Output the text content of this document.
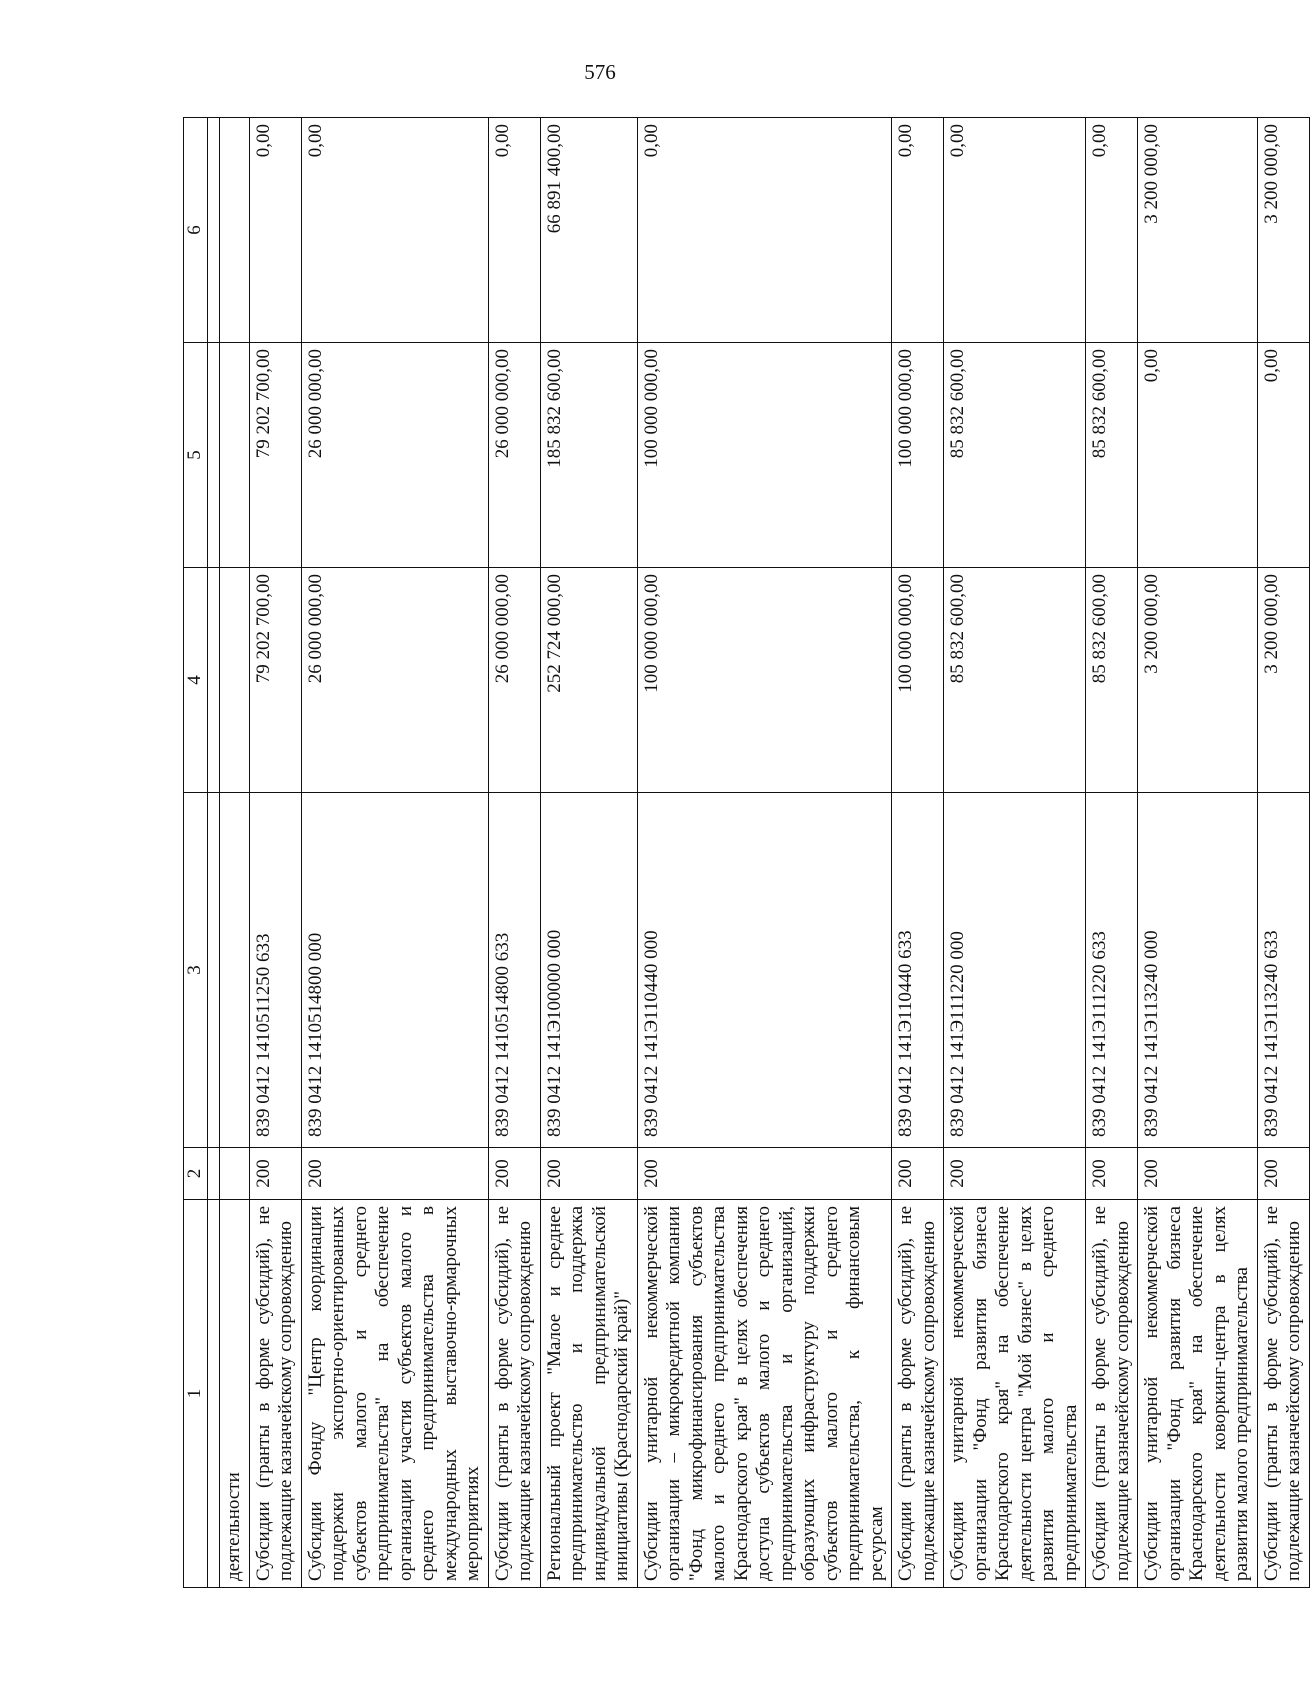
576
1	2	3	4	5	6

деятельности					
Субсидии (гранты в форме субсидий), не подлежащие казначейскому сопровождению	200	839 0412 1410511250 633	79 202 700,00	79 202 700,00	0,00
Субсидии Фонду "Центр координации поддержки экспортно-ориентированных субъектов малого и среднего предпринимательства" на обеспечение организации участия субъектов малого и среднего предпринимательства в международных выставочно-ярмарочных мероприятиях	200	839 0412 1410514800 000	26 000 000,00	26 000 000,00	0,00
Субсидии (гранты в форме субсидий), не подлежащие казначейскому сопровождению	200	839 0412 1410514800 633	26 000 000,00	26 000 000,00	0,00
Региональный проект "Малое и среднее предпринимательство и поддержка индивидуальной предпринимательской инициативы (Краснодарский край)"	200	839 0412 141Э100000 000	252 724 000,00	185 832 600,00	66 891 400,00
Субсидии унитарной некоммерческой организации – микрокредитной компании "Фонд микрофинансирования субъектов малого и среднего предпринимательства Краснодарского края" в целях обеспечения доступа субъектов малого и среднего предпринимательства и организаций, образующих инфраструктуру поддержки субъектов малого и среднего предпринимательства, к финансовым ресурсам	200	839 0412 141Э110440 000	100 000 000,00	100 000 000,00	0,00
Субсидии (гранты в форме субсидий), не подлежащие казначейскому сопровождению	200	839 0412 141Э110440 633	100 000 000,00	100 000 000,00	0,00
Субсидии унитарной некоммерческой организации "Фонд развития бизнеса Краснодарского края" на обеспечение деятельности центра "Мой бизнес" в целях развития малого и среднего предпринимательства	200	839 0412 141Э111220 000	85 832 600,00	85 832 600,00	0,00
Субсидии (гранты в форме субсидий), не подлежащие казначейскому сопровождению	200	839 0412 141Э111220 633	85 832 600,00	85 832 600,00	0,00
Субсидии унитарной некоммерческой организации "Фонд развития бизнеса Краснодарского края" на обеспечение деятельности коворкинг-центра в целях развития малого предпринимательства	200	839 0412 141Э113240 000	3 200 000,00	0,00	3 200 000,00
Субсидии (гранты в форме субсидий), не подлежащие казначейскому сопровождению	200	839 0412 141Э113240 633	3 200 000,00	0,00	3 200 000,00
